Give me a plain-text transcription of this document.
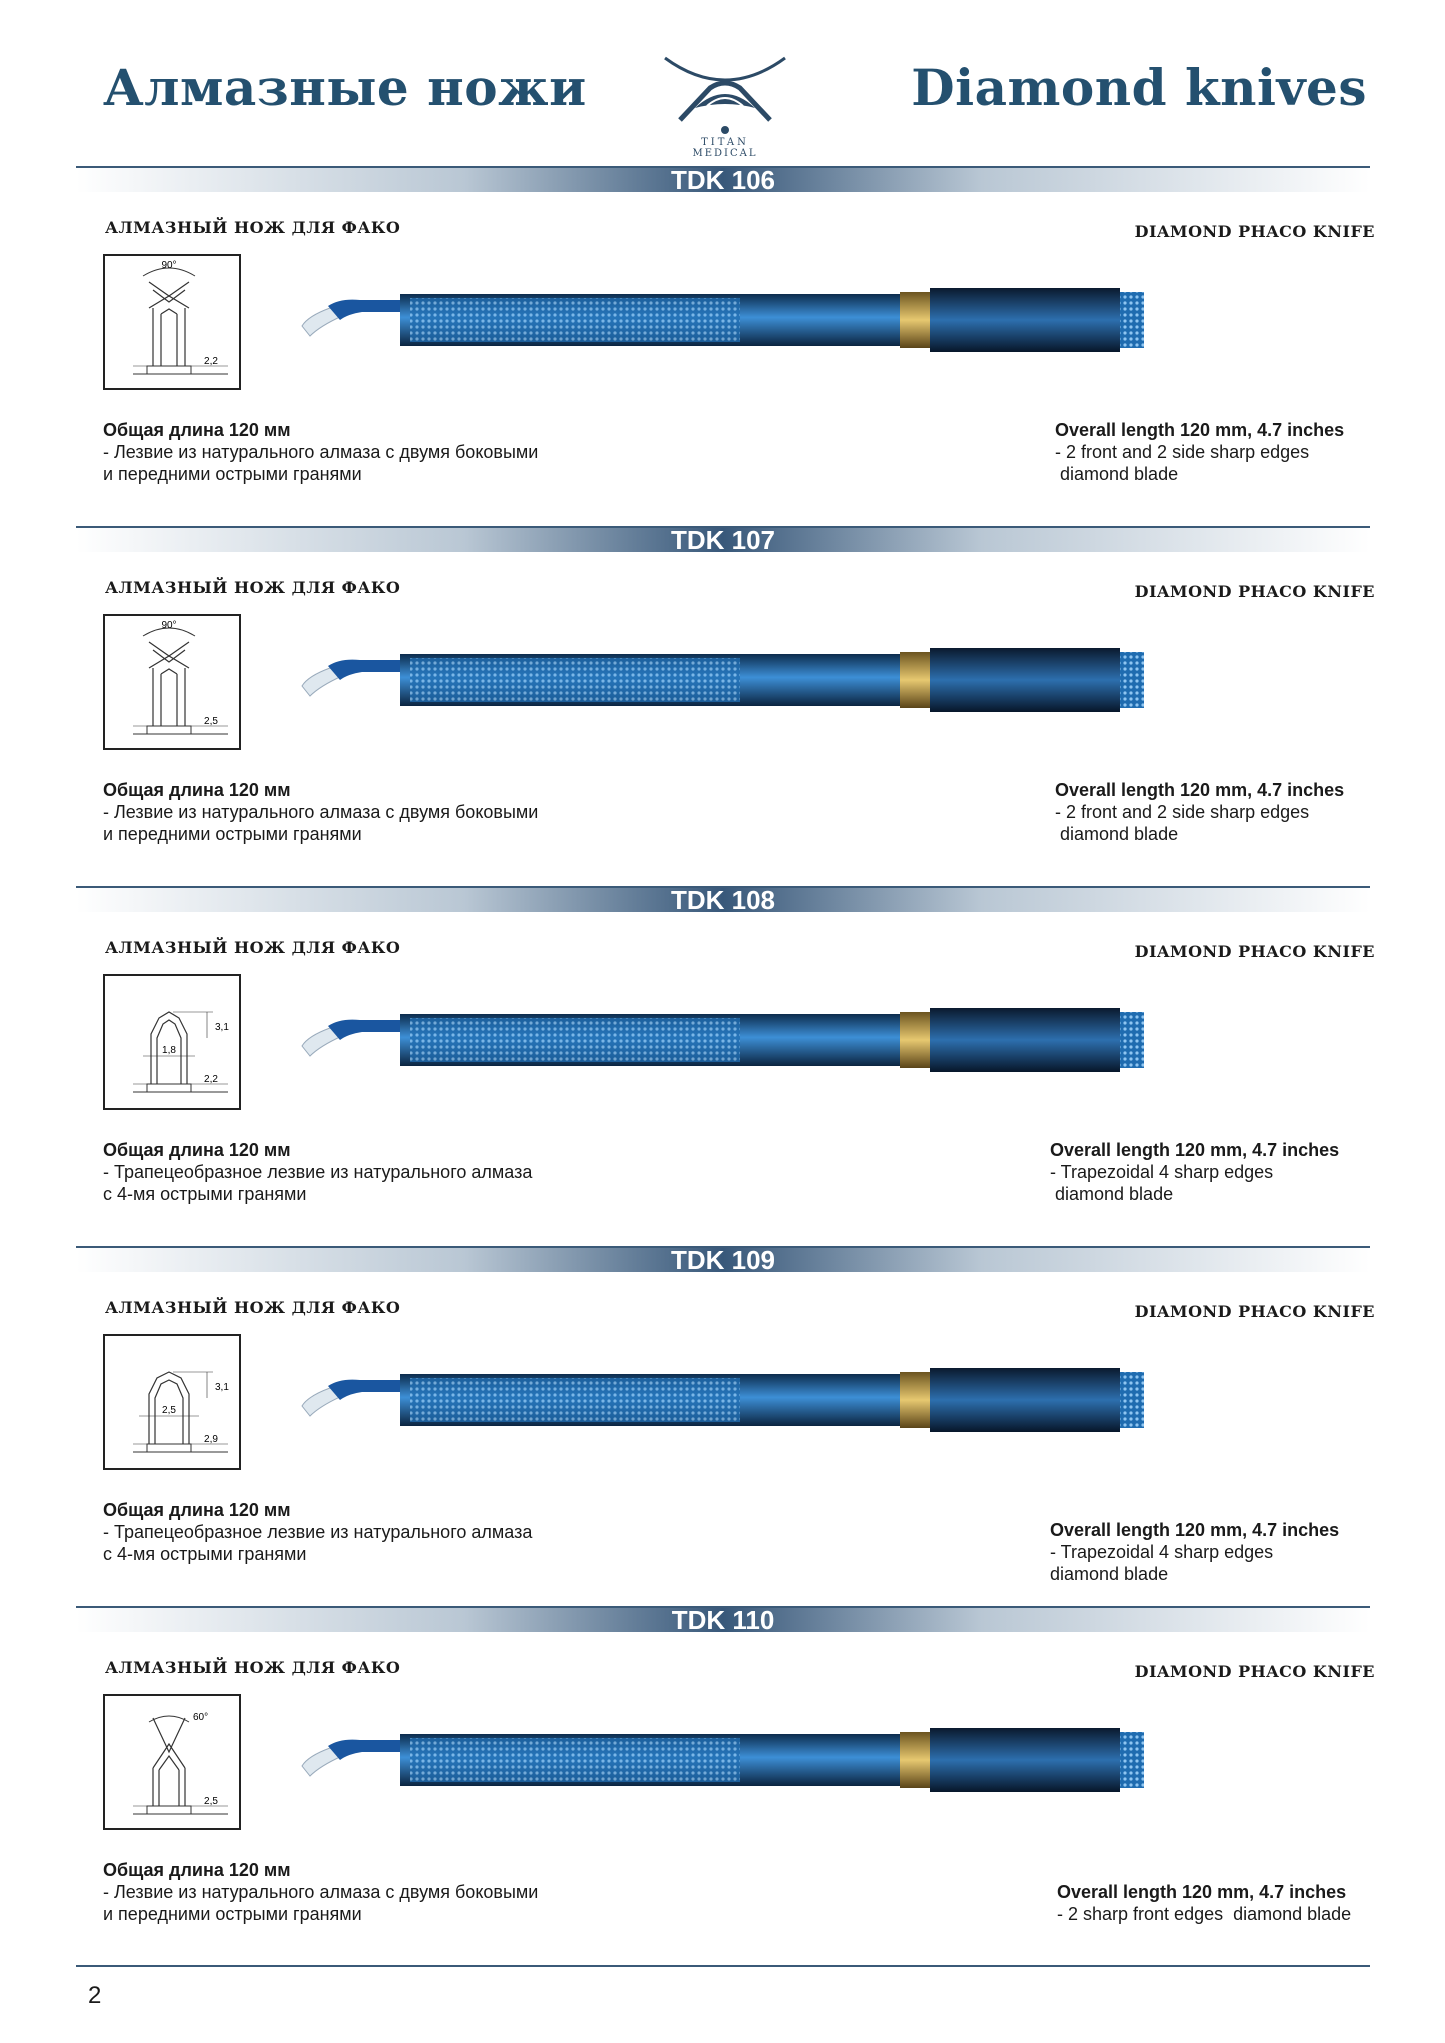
Алмазные ножи	Diamond knives
TITAN
MEDICAL
TDK 106
АЛМАЗНЫЙ НОЖ ДЛЯ ФАКО	DIAMOND PHACO KNIFE
90°
2,2
Общая длина 120 мм
- Лезвие из натурального алмаза с двумя боковыми
и передними острыми гранями
Overall length 120 mm, 4.7 inches
- 2 front and 2 side sharp edges
diamond blade
TDK 107
АЛМАЗНЫЙ НОЖ ДЛЯ ФАКО	DIAMOND PHACO KNIFE
90°
2,5
Общая длина 120 мм
- Лезвие из натурального алмаза с двумя боковыми
и передними острыми гранями
Overall length 120 mm, 4.7 inches
- 2 front and 2 side sharp edges
diamond blade
TDK 108
АЛМАЗНЫЙ НОЖ ДЛЯ ФАКО	DIAMOND PHACO KNIFE
3,1
1,8
2,2
Общая длина 120 мм
- Трапецеобразное лезвие из натурального алмаза
с 4-мя острыми гранями
Overall length 120 mm, 4.7 inches
- Trapezoidal 4 sharp edges
diamond blade
TDK 109
АЛМАЗНЫЙ НОЖ ДЛЯ ФАКО	DIAMOND PHACO KNIFE
3,1
2,5
2,9
Общая длина 120 мм
- Трапецеобразное лезвие из натурального алмаза
с 4-мя острыми гранями
Overall length 120 mm, 4.7 inches
- Trapezoidal 4 sharp edges
diamond blade
TDK 110
АЛМАЗНЫЙ НОЖ ДЛЯ ФАКО	DIAMOND PHACO KNIFE
60°
2,5
Общая длина 120 мм
- Лезвие из натурального алмаза с двумя боковыми
и передними острыми гранями
Overall length 120 mm, 4.7 inches
- 2 sharp front edges  diamond blade
2
